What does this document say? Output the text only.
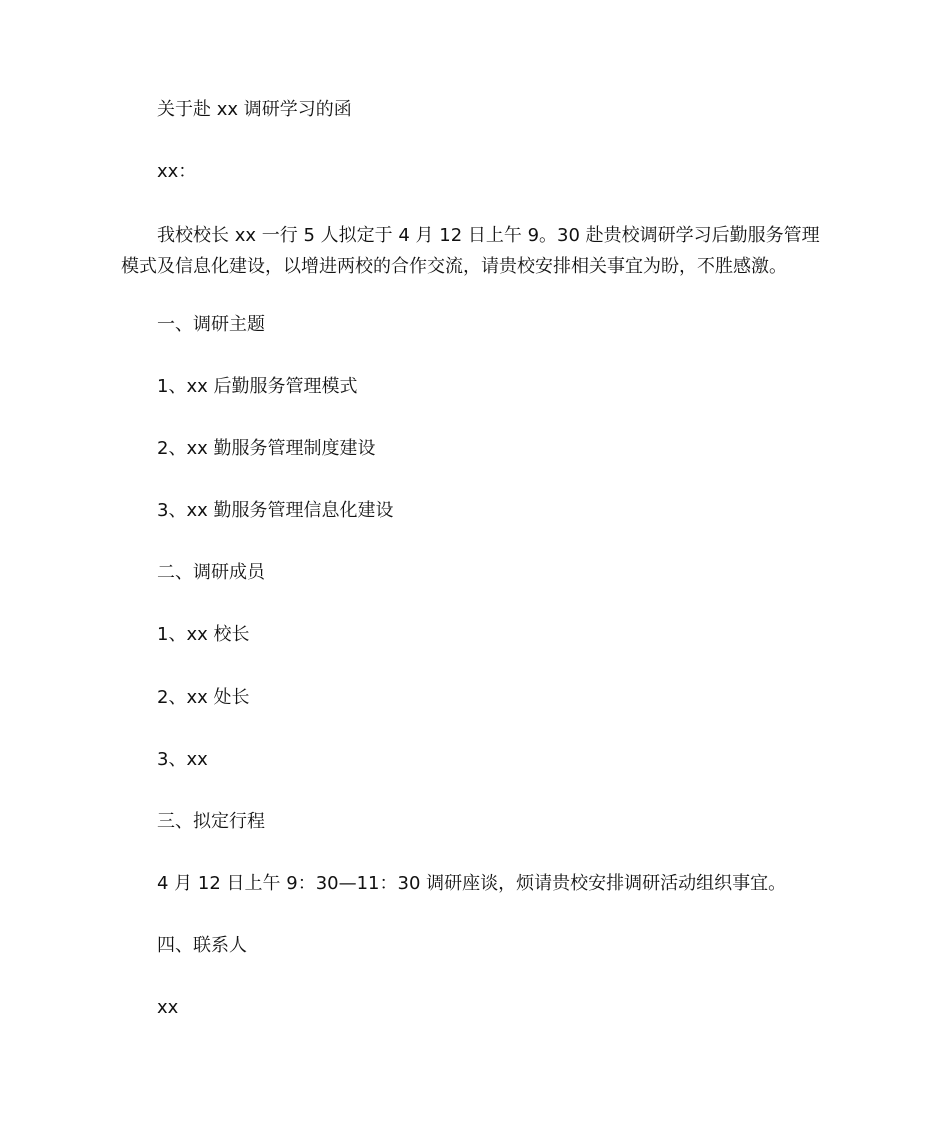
关于赴 xx 调研学习的函
xx：
我校校长 xx 一行 5 人拟定于 4 月 12 日上午 9。30 赴贵校调研学习后勤服务管理模式及信息化建设，以增进两校的合作交流，请贵校安排相关事宜为盼，不胜感激。
一、调研主题
1、xx 后勤服务管理模式
2、xx 勤服务管理制度建设
3、xx 勤服务管理信息化建设
二、调研成员
1、xx 校长
2、xx 处长
3、xx
三、拟定行程
4 月 12 日上午 9：30—11：30 调研座谈，烦请贵校安排调研活动组织事宜。
四、联系人
xx
